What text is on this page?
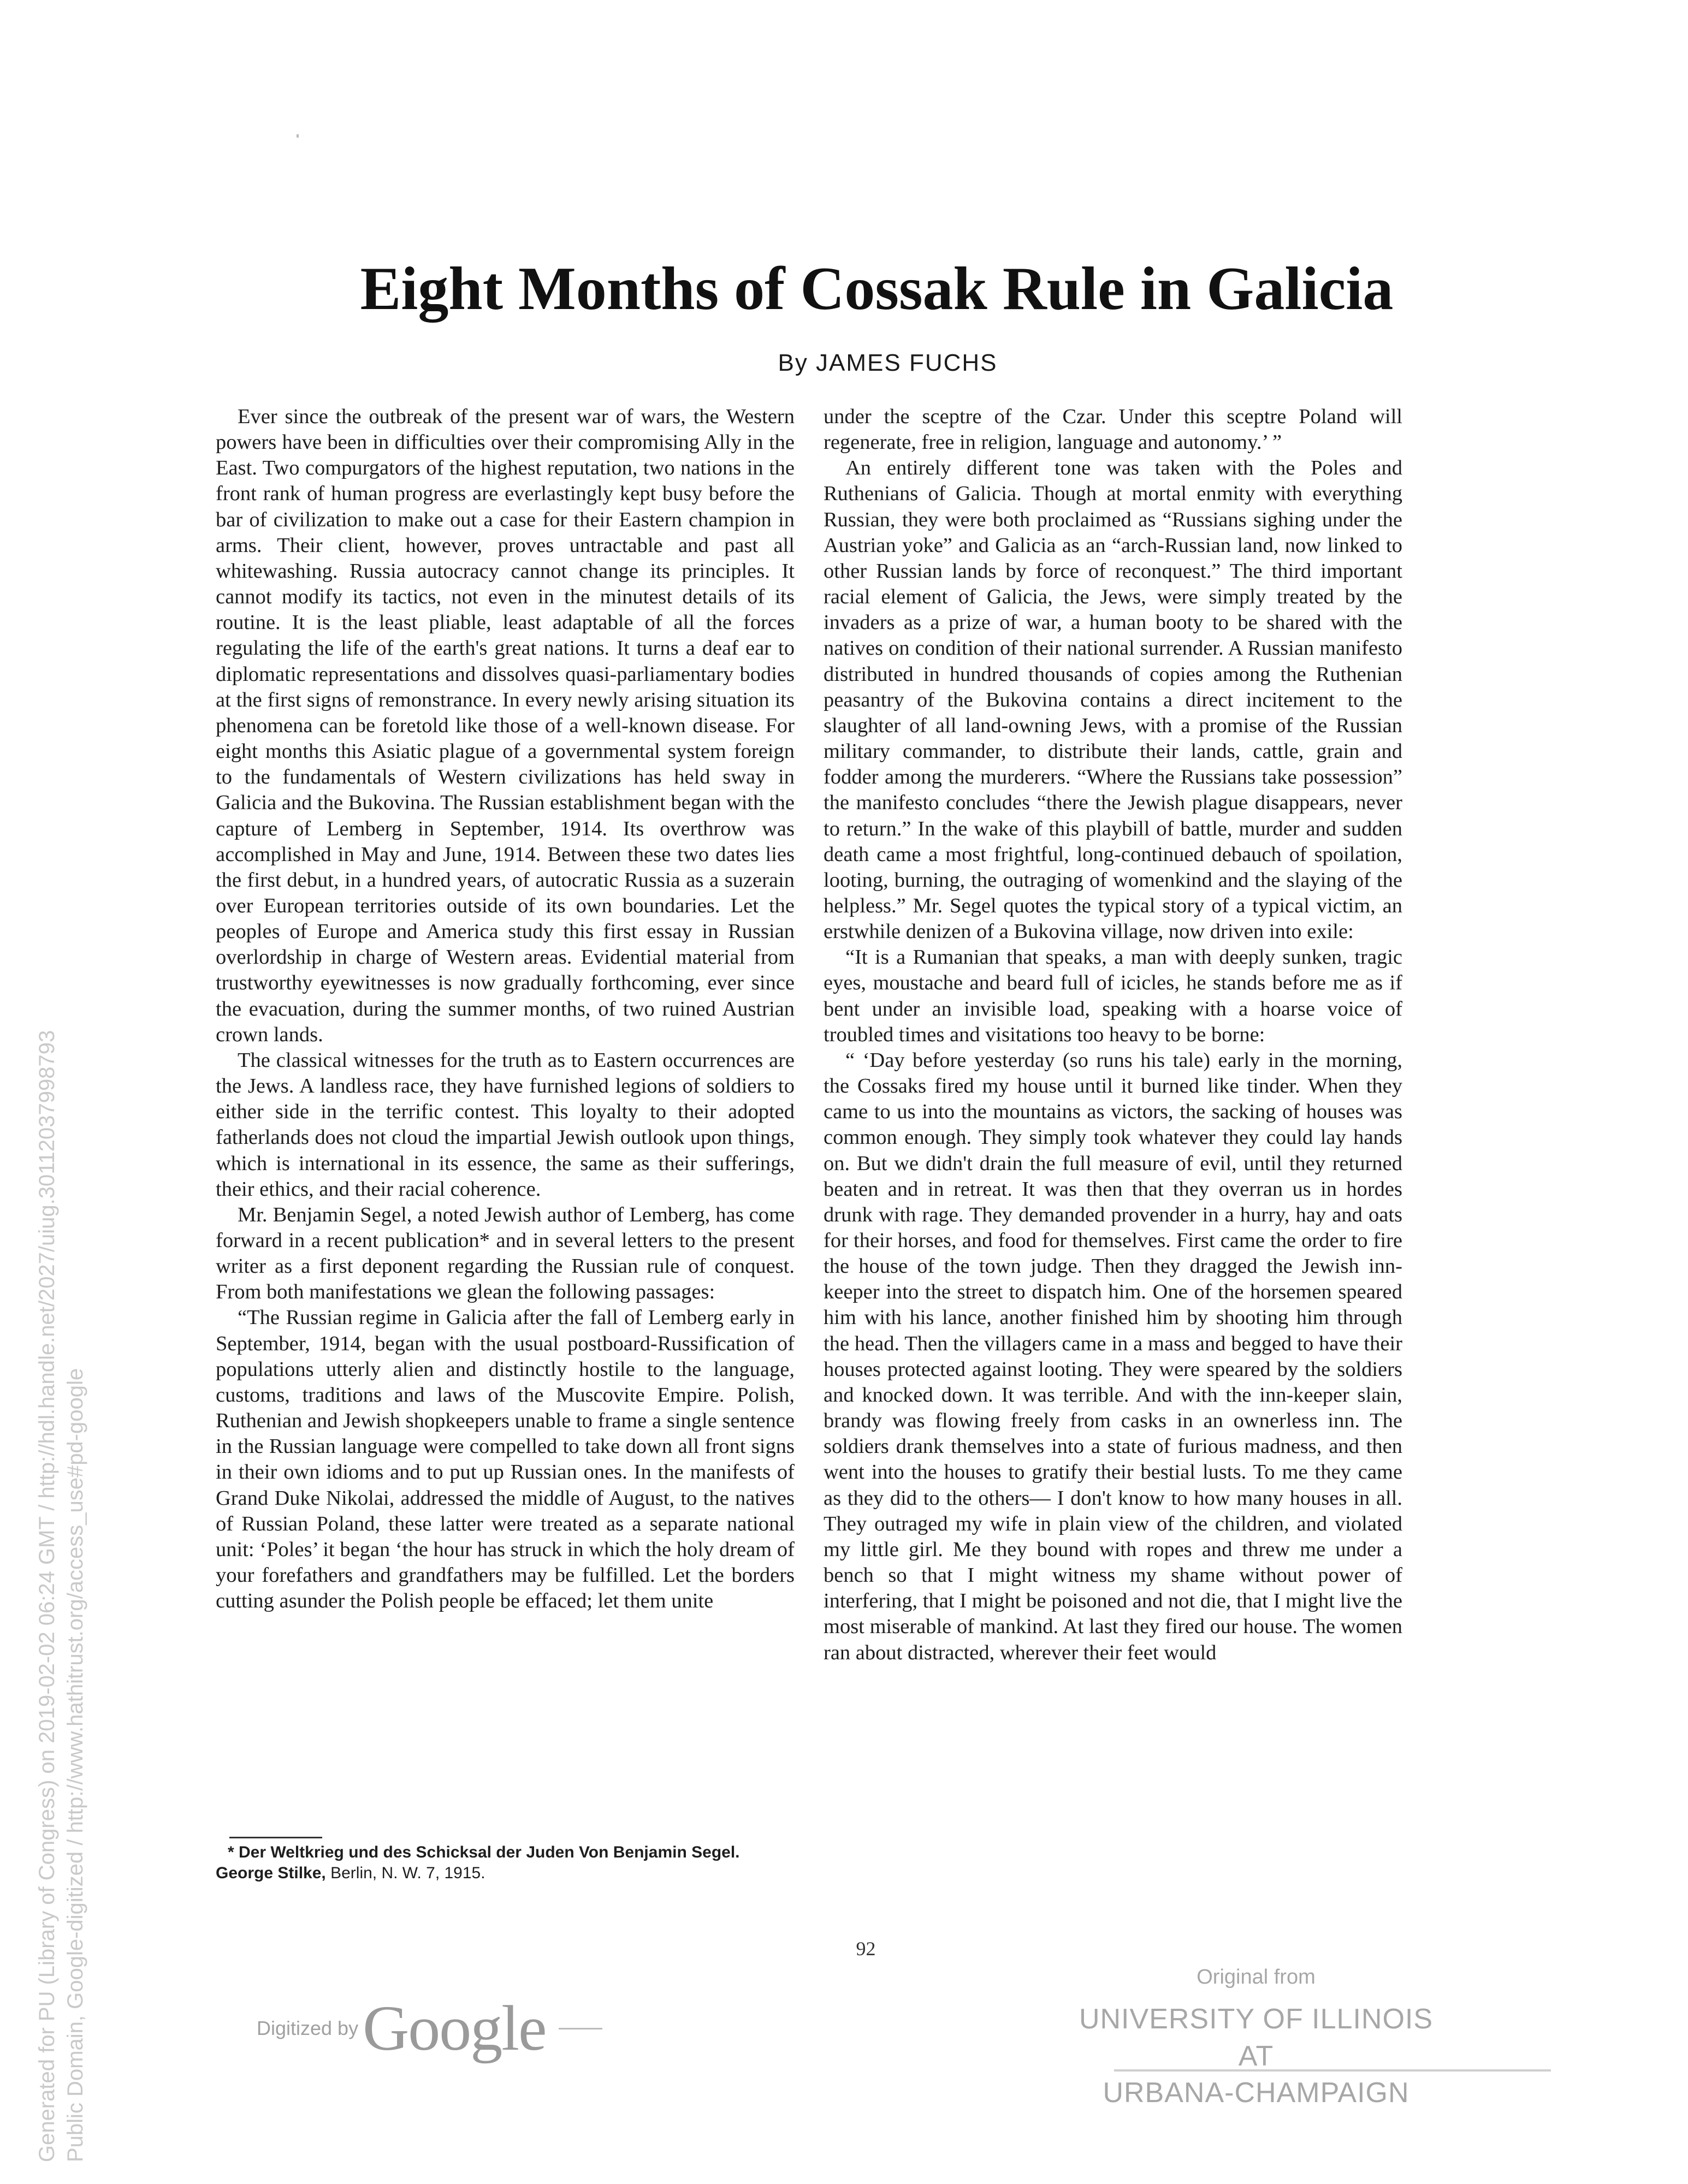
Eight Months of Cossak Rule in Galicia
By JAMES FUCHS

Ever since the outbreak of the present war of wars, the Western powers have been in difficulties over their compromising Ally in the East. Two compurgators of the highest reputation, two nations in the front rank of human progress are everlastingly kept busy before the bar of civilization to make out a case for their Eastern champion in arms. Their client, however, proves untractable and past all whitewashing. Russia autocracy cannot change its principles. It cannot modify its tactics, not even in the minutest details of its routine. It is the least pliable, least adaptable of all the forces regulating the life of the earth's great nations. It turns a deaf ear to diplomatic representations and dissolves quasi-parliamentary bodies at the first signs of remonstrance. In every newly arising situation its phenomena can be foretold like those of a well-known disease. For eight months this Asiatic plague of a governmental system foreign to the fundamentals of Western civilizations has held sway in Galicia and the Bukovina. The Russian establishment began with the capture of Lemberg in September, 1914. Its overthrow was accomplished in May and June, 1914. Between these two dates lies the first debut, in a hundred years, of autocratic Russia as a suzerain over European territories outside of its own boundaries. Let the peoples of Europe and America study this first essay in Russian overlordship in charge of Western areas. Evidential material from trustworthy eyewitnesses is now gradually forthcoming, ever since the evacuation, during the summer months, of two ruined Austrian crown lands.

The classical witnesses for the truth as to Eastern occurrences are the Jews. A landless race, they have furnished legions of soldiers to either side in the terrific contest. This loyalty to their adopted fatherlands does not cloud the impartial Jewish outlook upon things, which is international in its essence, the same as their sufferings, their ethics, and their racial coherence.

Mr. Benjamin Segel, a noted Jewish author of Lemberg, has come forward in a recent publication* and in several letters to the present writer as a first deponent regarding the Russian rule of conquest. From both manifestations we glean the following passages:

“The Russian regime in Galicia after the fall of Lemberg early in September, 1914, began with the usual postboard-Russification of populations utterly alien and distinctly hostile to the language, customs, traditions and laws of the Muscovite Empire. Polish, Ruthenian and Jewish shopkeepers unable to frame a single sentence in the Russian language were compelled to take down all front signs in their own idioms and to put up Russian ones. In the manifests of Grand Duke Nikolai, addressed the middle of August, to the natives of Russian Poland, these latter were treated as a separate national unit: ‘Poles’ it began ‘the hour has struck in which the holy dream of your forefathers and grandfathers may be fulfilled. Let the borders cutting asunder the Polish people be effaced; let them unite

under the sceptre of the Czar. Under this sceptre Poland will regenerate, free in religion, language and autonomy.’ ”

An entirely different tone was taken with the Poles and Ruthenians of Galicia. Though at mortal enmity with everything Russian, they were both proclaimed as “Russians sighing under the Austrian yoke” and Galicia as an “arch-Russian land, now linked to other Russian lands by force of reconquest.” The third important racial element of Galicia, the Jews, were simply treated by the invaders as a prize of war, a human booty to be shared with the natives on condition of their national surrender. A Russian manifesto distributed in hundred thousands of copies among the Ruthenian peasantry of the Bukovina contains a direct incitement to the slaughter of all land-owning Jews, with a promise of the Russian military commander, to distribute their lands, cattle, grain and fodder among the murderers. “Where the Russians take possession” the manifesto concludes “there the Jewish plague disappears, never to return.” In the wake of this playbill of battle, murder and sudden death came a most frightful, long-continued debauch of spoilation, looting, burning, the outraging of womenkind and the slaying of the helpless.” Mr. Segel quotes the typical story of a typical victim, an erstwhile denizen of a Bukovina village, now driven into exile:

“It is a Rumanian that speaks, a man with deeply sunken, tragic eyes, moustache and beard full of icicles, he stands before me as if bent under an invisible load, speaking with a hoarse voice of troubled times and visitations too heavy to be borne:

“ ‘Day before yesterday (so runs his tale) early in the morning, the Cossaks fired my house until it burned like tinder. When they came to us into the mountains as victors, the sacking of houses was common enough. They simply took whatever they could lay hands on. But we didn't drain the full measure of evil, until they returned beaten and in retreat. It was then that they overran us in hordes drunk with rage. They demanded provender in a hurry, hay and oats for their horses, and food for themselves. First came the order to fire the house of the town judge. Then they dragged the Jewish inn-keeper into the street to dispatch him. One of the horsemen speared him with his lance, another finished him by shooting him through the head. Then the villagers came in a mass and begged to have their houses protected against looting. They were speared by the soldiers and knocked down. It was terrible. And with the inn-keeper slain, brandy was flowing freely from casks in an ownerless inn. The soldiers drank themselves into a state of furious madness, and then went into the houses to gratify their bestial lusts. To me they came as they did to the others— I don't know to how many houses in all. They outraged my wife in plain view of the children, and violated my little girl. Me they bound with ropes and threw me under a bench so that I might witness my shame without power of interfering, that I might be poisoned and not die, that I might live the most miserable of mankind. At last they fired our house. The women ran about distracted, wherever their feet would

* Der Weltkrieg und des Schicksal der Juden Von Benjamin Segel. George Stilke, Berlin, N. W. 7, 1915.
92
Generated for PU (Library of Congress) on 2019-02-02 06:24 GMT / http://hdl.handle.net/2027/uiug.30112037998793 Public Domain, Google-digitized / http://www.hathitrust.org/access_use#pd-google	Digitized by Google
Original from
UNIVERSITY OF ILLINOIS AT
URBANA-CHAMPAIGN
